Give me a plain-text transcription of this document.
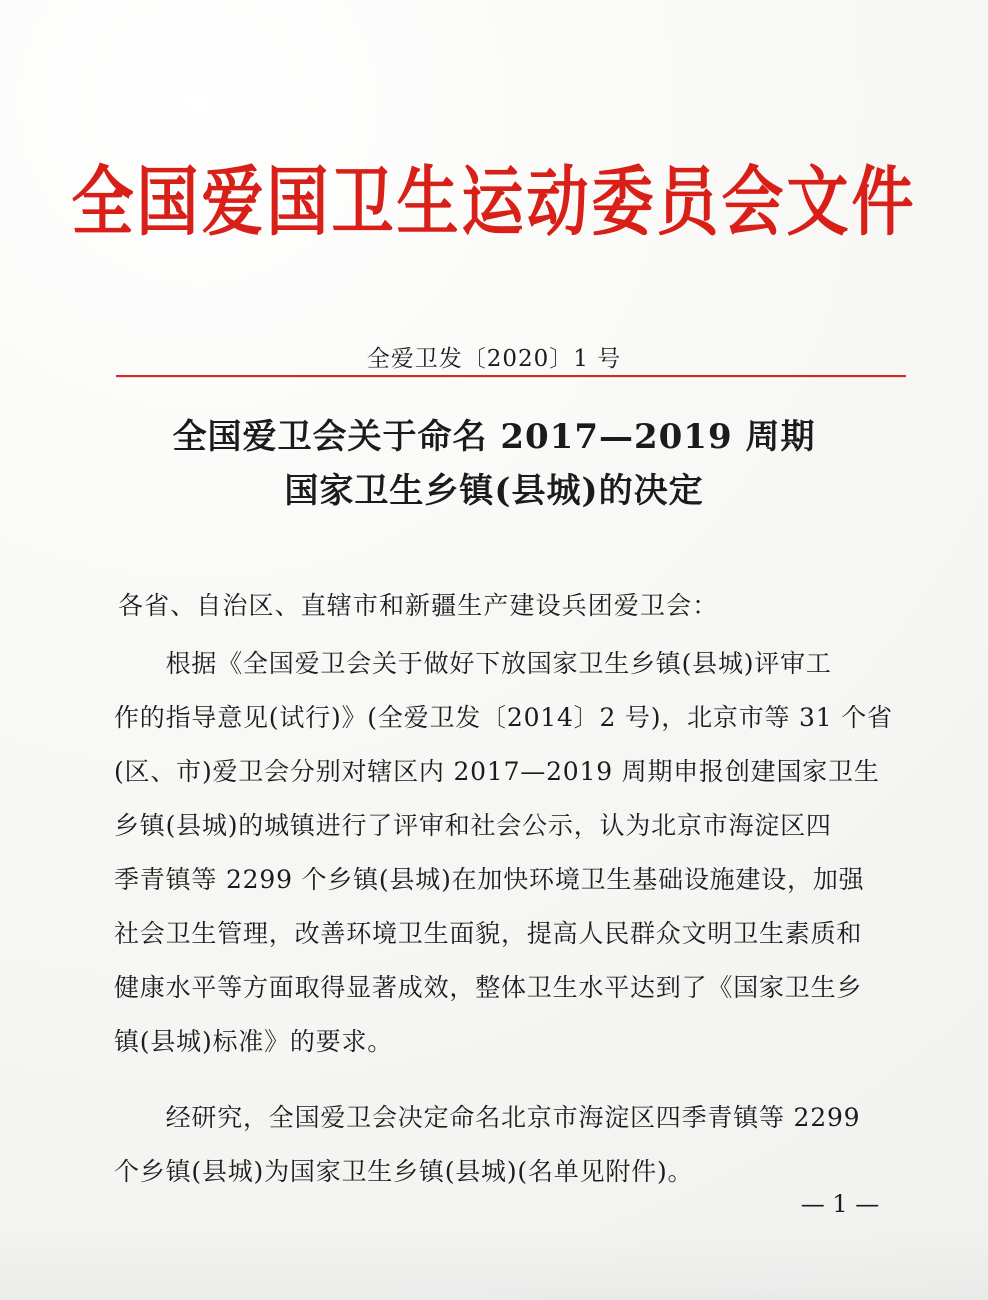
全国爱国卫生运动委员会文件
全爱卫发〔2020〕1 号
全国爱卫会关于命名 2017—2019 周期
国家卫生乡镇(县城)的决定
各省、自治区、直辖市和新疆生产建设兵团爱卫会：
　　根据《全国爱卫会关于做好下放国家卫生乡镇(县城)评审工
作的指导意见(试行)》(全爱卫发〔2014〕2 号)，北京市等 31 个省
(区、市)爱卫会分别对辖区内 2017—2019 周期申报创建国家卫生
乡镇(县城)的城镇进行了评审和社会公示，认为北京市海淀区四
季青镇等 2299 个乡镇(县城)在加快环境卫生基础设施建设，加强
社会卫生管理，改善环境卫生面貌，提高人民群众文明卫生素质和
健康水平等方面取得显著成效，整体卫生水平达到了《国家卫生乡
镇(县城)标准》的要求。
　　经研究，全国爱卫会决定命名北京市海淀区四季青镇等 2299
个乡镇(县城)为国家卫生乡镇(县城)(名单见附件)。
— 1 —
